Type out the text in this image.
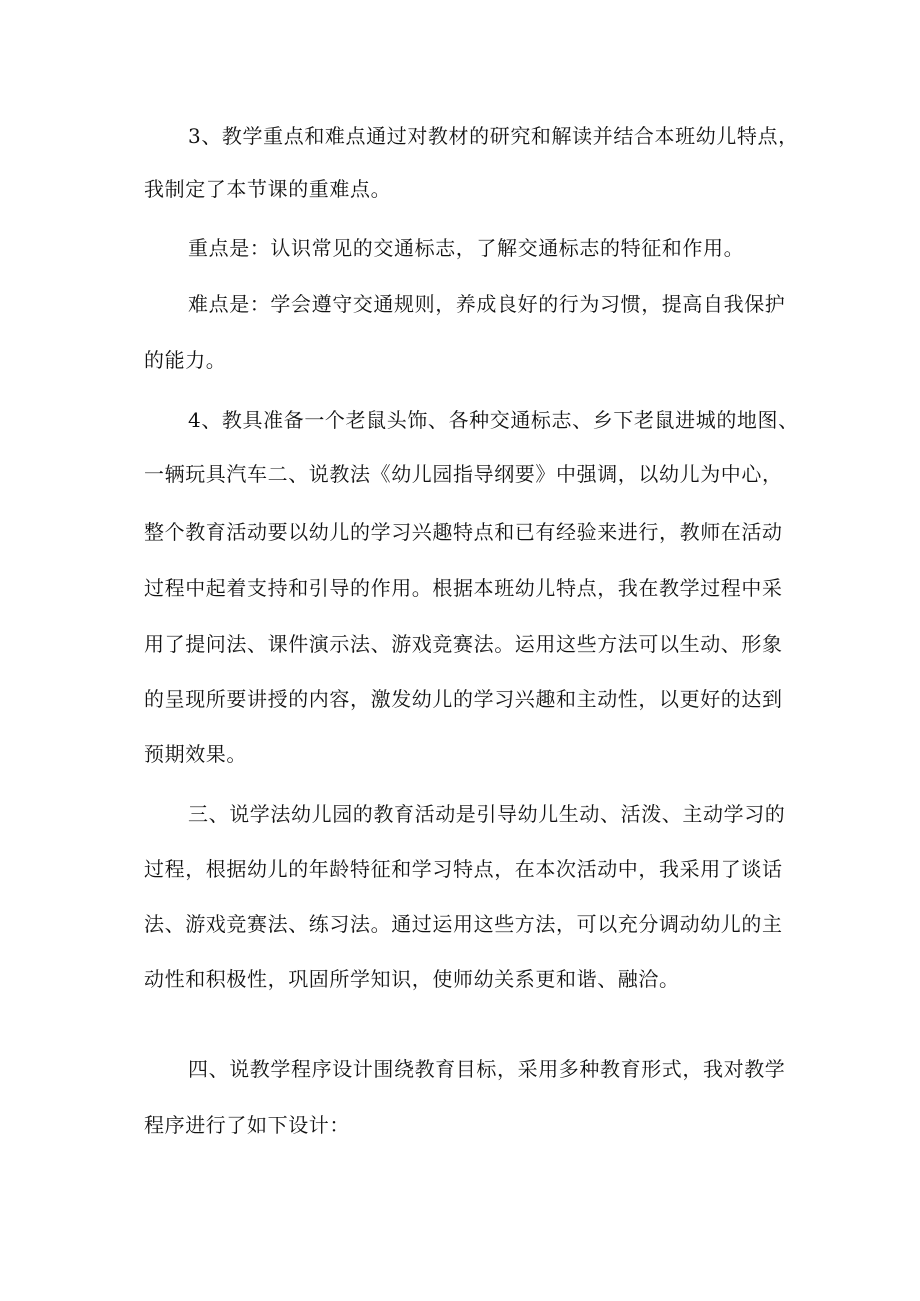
3、教学重点和难点通过对教材的研究和解读并结合本班幼儿特点，
我制定了本节课的重难点。
重点是：认识常见的交通标志，了解交通标志的特征和作用。
难点是：学会遵守交通规则，养成良好的行为习惯，提高自我保护
的能力。
4、教具准备一个老鼠头饰、各种交通标志、乡下老鼠进城的地图、
一辆玩具汽车二、说教法《幼儿园指导纲要》中强调，以幼儿为中心，
整个教育活动要以幼儿的学习兴趣特点和已有经验来进行，教师在活动
过程中起着支持和引导的作用。根据本班幼儿特点，我在教学过程中采
用了提问法、课件演示法、游戏竞赛法。运用这些方法可以生动、形象
的呈现所要讲授的内容，激发幼儿的学习兴趣和主动性，以更好的达到
预期效果。
三、说学法幼儿园的教育活动是引导幼儿生动、活泼、主动学习的
过程，根据幼儿的年龄特征和学习特点，在本次活动中，我采用了谈话
法、游戏竞赛法、练习法。通过运用这些方法，可以充分调动幼儿的主
动性和积极性，巩固所学知识，使师幼关系更和谐、融洽。
四、说教学程序设计围绕教育目标，采用多种教育形式，我对教学
程序进行了如下设计：
